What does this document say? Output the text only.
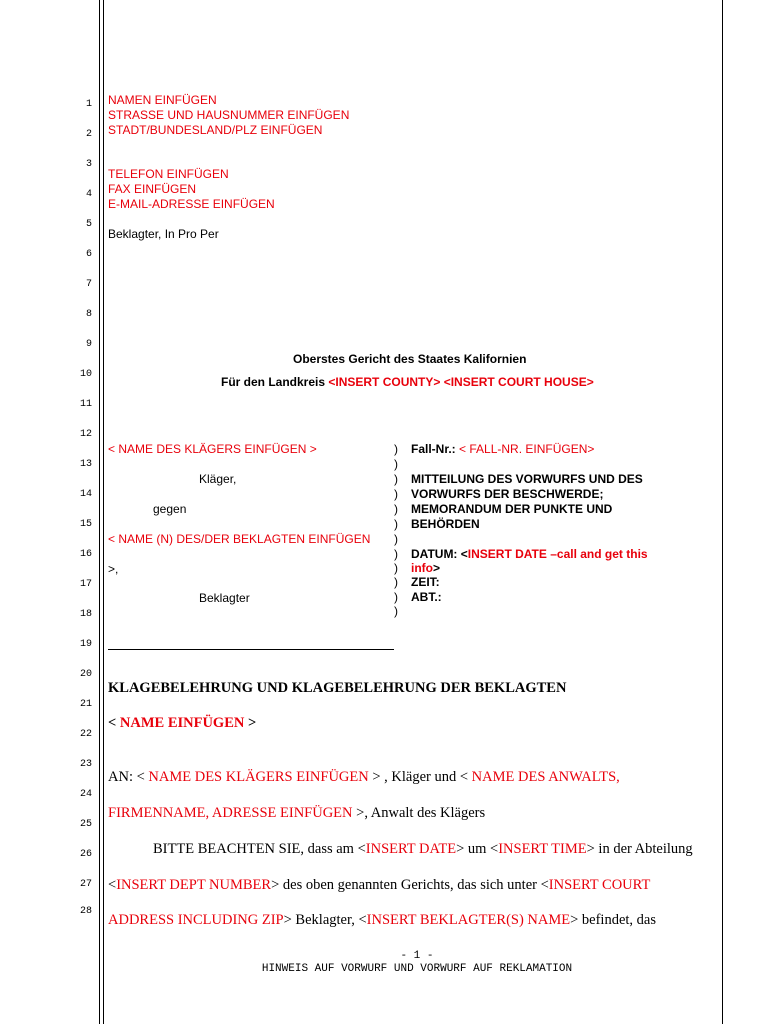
1
2
3
4
5
6
7
8
9
10
11
12
13
14
15
16
17
18
19
20
21
22
23
24
25
26
27
28
NAMEN EINFÜGEN
STRASSE UND HAUSNUMMER EINFÜGEN
STADT/BUNDESLAND/PLZ EINFÜGEN
TELEFON EINFÜGEN
FAX EINFÜGEN
E-MAIL-ADRESSE EINFÜGEN
Beklagter, In Pro Per
Oberstes Gericht des Staates Kalifornien
Für den Landkreis <INSERT COUNTY> <INSERT COURT HOUSE>
< NAME DES KLÄGERS EINFÜGEN >
Kläger,
gegen
< NAME (N) DES/DER BEKLAGTEN EINFÜGEN
>,
Beklagter
)
)
)
)
)
)
)
)
)
)
)
)
Fall-Nr.: < FALL-NR. EINFÜGEN>
MITTEILUNG DES VORWURFS UND DES
VORWURFS DER BESCHWERDE;
MEMORANDUM DER PUNKTE UND
BEHÖRDEN
DATUM: <INSERT DATE –call and get this
info>
ZEIT:
ABT.:
KLAGEBELEHRUNG UND KLAGEBELEHRUNG DER BEKLAGTEN
< NAME EINFÜGEN >
AN: < NAME DES KLÄGERS EINFÜGEN > , Kläger und < NAME DES ANWALTS,
FIRMENNAME, ADRESSE EINFÜGEN >, Anwalt des Klägers
BITTE BEACHTEN SIE, dass am <INSERT DATE> um <INSERT TIME> in der Abteilung
<INSERT DEPT NUMBER> des oben genannten Gerichts, das sich unter <INSERT COURT
ADDRESS INCLUDING ZIP> Beklagter, <INSERT BEKLAGTER(S) NAME> befindet, das
- 1 -
HINWEIS AUF VORWURF UND VORWURF AUF REKLAMATION
